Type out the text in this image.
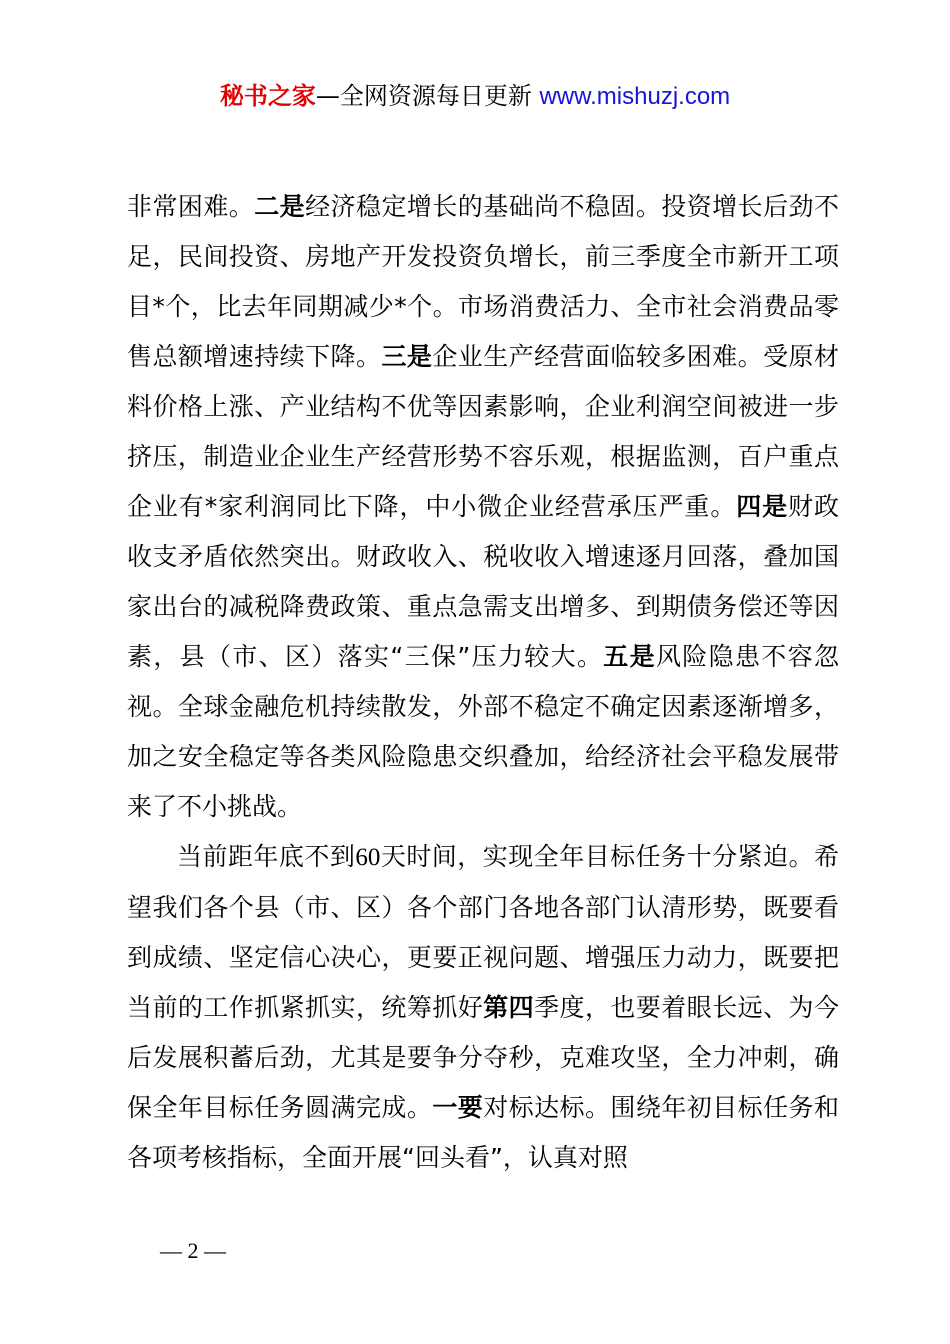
秘书之家—全网资源每日更新 www.mishuzj.com

非常困难。二是经济稳定增长的基础尚不稳固。投资增长后劲不足，民间投资、房地产开发投资负增长，前三季度全市新开工项目*个，比去年同期减少*个。市场消费活力、全市社会消费品零售总额增速持续下降。三是企业生产经营面临较多困难。受原材料价格上涨、产业结构不优等因素影响，企业利润空间被进一步挤压，制造业企业生产经营形势不容乐观，根据监测，百户重点企业有*家利润同比下降，中小微企业经营承压严重。四是财政收支矛盾依然突出。财政收入、税收收入增速逐月回落，叠加国家出台的减税降费政策、重点急需支出增多、到期债务偿还等因素，县（市、区）落实“三保”压力较大。五是风险隐患不容忽视。全球金融危机持续散发，外部不稳定不确定因素逐渐增多，加之安全稳定等各类风险隐患交织叠加，给经济社会平稳发展带来了不小挑战。

当前距年底不到60天时间，实现全年目标任务十分紧迫。希望我们各个县（市、区）各个部门各地各部门认清形势，既要看到成绩、坚定信心决心，更要正视问题、增强压力动力，既要把当前的工作抓紧抓实，统筹抓好第四季度，也要着眼长远、为今后发展积蓄后劲，尤其是要争分夺秒，克难攻坚，全力冲刺，确保全年目标任务圆满完成。一要对标达标。围绕年初目标任务和各项考核指标，全面开展“回头看”，认真对照

— 2 —
